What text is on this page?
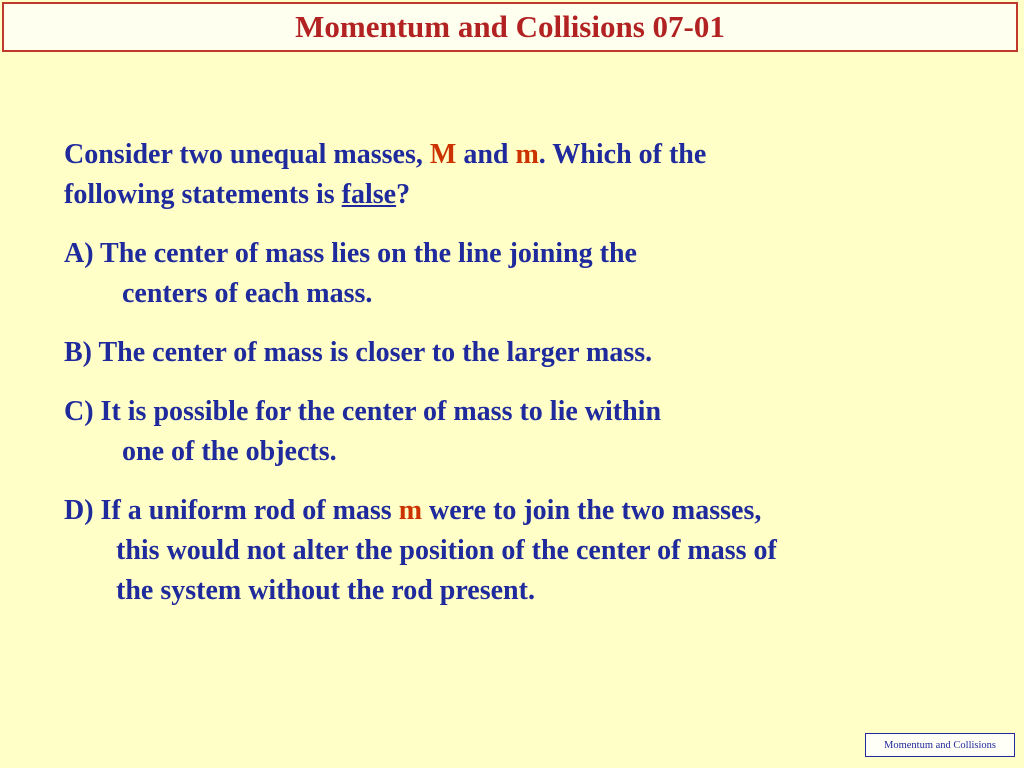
Momentum and Collisions 07-01
Consider two unequal masses, M and m. Which of the
following statements is false?
A) The center of mass lies on the line joining the
centers of each mass.
B) The center of mass is closer to the larger mass.
C) It is possible for the center of mass to lie within
one of the objects.
D) If a uniform rod of mass m were to join the two masses,
this would not alter the position of the center of mass of
the system without the rod present.
Momentum and Collisions
